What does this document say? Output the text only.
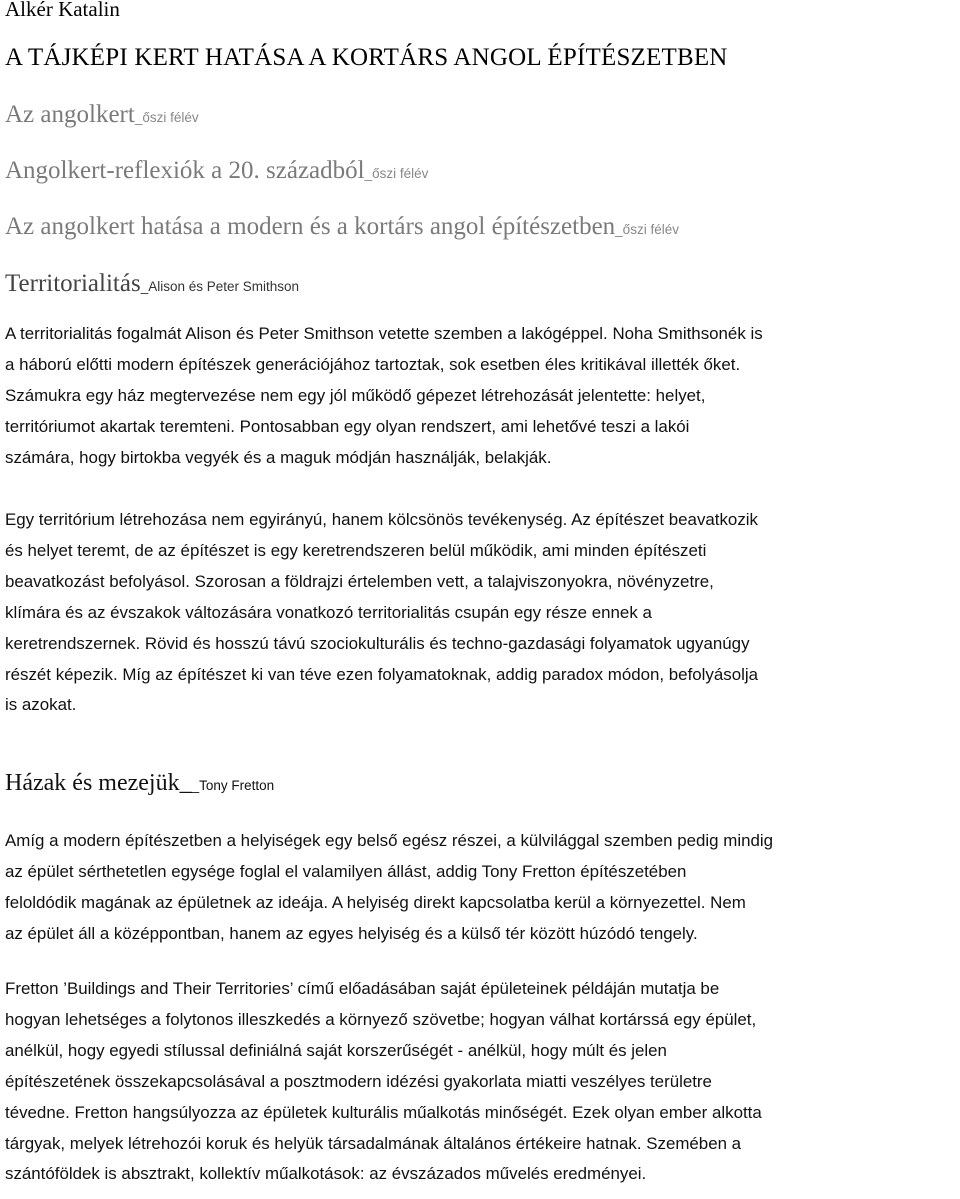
Alkér Katalin
A TÁJKÉPI KERT HATÁSA A KORTÁRS ANGOL ÉPÍTÉSZETBEN
Az angolkert_őszi félév
Angolkert-reflexiók a 20. századból_őszi félév
Az angolkert hatása a modern és a kortárs angol építészetben_őszi félév
Territorialitás_Alison és Peter Smithson
A territorialitás fogalmát Alison és Peter Smithson vetette szemben a lakógéppel. Noha Smithsonék is
a háború előtti modern építészek generációjához tartoztak, sok esetben éles kritikával illették őket.
Számukra egy ház megtervezése nem egy jól működő gépezet létrehozását jelentette: helyet,
territóriumot akartak teremteni. Pontosabban egy olyan rendszert, ami lehetővé teszi a lakói
számára, hogy birtokba vegyék és a maguk módján használják, belakják.
Egy territórium létrehozása nem egyirányú, hanem kölcsönös tevékenység. Az építészet beavatkozik
és helyet teremt, de az építészet is egy keretrendszeren belül működik, ami minden építészeti
beavatkozást befolyásol. Szorosan a földrajzi értelemben vett, a talajviszonyokra, növényzetre,
klímára és az évszakok változására vonatkozó territorialitás csupán egy része ennek a
keretrendszernek. Rövid és hosszú távú szociokulturális és techno-gazdasági folyamatok ugyanúgy
részét képezik. Míg az építészet ki van téve ezen folyamatoknak, addig paradox módon, befolyásolja
is azokat.
Házak és mezejük__Tony Fretton
Amíg a modern építészetben a helyiségek egy belső egész részei, a külvilággal szemben pedig mindig
az épület sérthetetlen egysége foglal el valamilyen állást, addig Tony Fretton építészetében
feloldódik magának az épületnek az ideája. A helyiség direkt kapcsolatba kerül a környezettel. Nem
az épület áll a középpontban, hanem az egyes helyiség és a külső tér között húzódó tengely.
Fretton ’Buildings and Their Territories’ című előadásában saját épületeinek példáján mutatja be
hogyan lehetséges a folytonos illeszkedés a környező szövetbe; hogyan válhat kortárssá egy épület,
anélkül, hogy egyedi stílussal definiálná saját korszerűségét - anélkül, hogy múlt és jelen
építészetének összekapcsolásával a posztmodern idézési gyakorlata miatti veszélyes területre
tévedne. Fretton hangsúlyozza az épületek kulturális műalkotás minőségét. Ezek olyan ember alkotta
tárgyak, melyek létrehozói koruk és helyük társadalmának általános értékeire hatnak. Szemében a
szántóföldek is absztrakt, kollektív műalkotások: az évszázados művelés eredményei.
